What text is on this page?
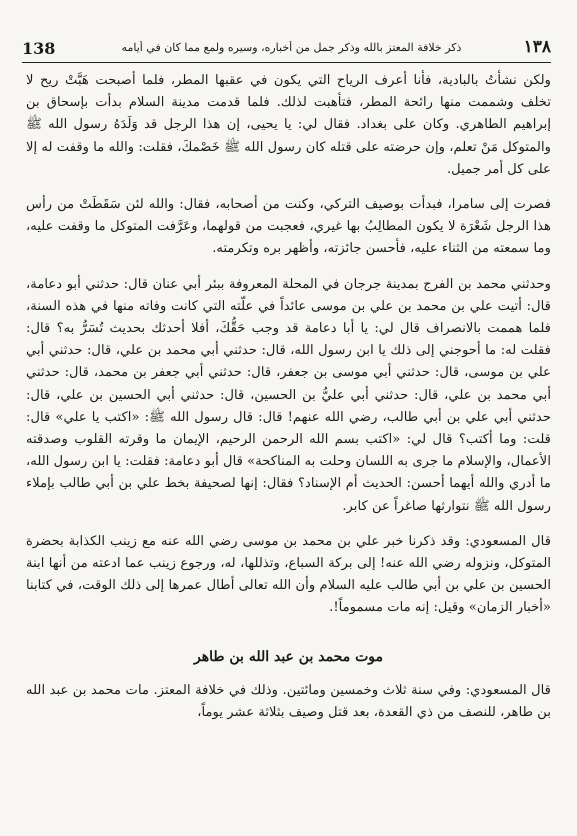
138	ذكر خلافة المعتز بالله وذكر جمل من أخباره، وسيره ولمع مما كان في أيامه	١٣٨

ولكن نشأتُ بالبادية، فأنا أعرف الرياح التي يكون في عقبها المطر، فلما أصبحت هَبَّتْ ريح لا تخلف وشممت منها رائحة المطر، فتأهبت لذلك. فلما قدمت مدينة السلام بدأت بإسحاق بن إبراهيم الطاهري. وكان على بغداد. فقال لي: يا يحيى، إن هذا الرجل قد وَلَدَهُ رسول الله ﷺ والمتوكل مَنْ تعلم، وإن حرضته على قتله كان رسول الله ﷺ خَصْمكَ، فقلت: والله ما وقفت له إلا على كل أمر جميل.

فصرت إلى سامرا، فبدأت بوصيف التركي، وكنت من أصحابه، فقال: والله لئن سَقَطَتْ من رأس هذا الرجل شَعْرَة لا يكون المطالِبُ بها غيري، فعجبت من قولهما، وعَرَّفت المتوكل ما وقفت عليه، وما سمعته من الثناء عليه، فأحسن جائزته، وأظهر بره وتكرمته.

وحدثني محمد بن الفرج بمدينة جرجان في المحلة المعروفة ببئر أبي عنان قال: حدثني أبو دعامة، قال: أتيت علي بن محمد بن علي بن موسى عائداً في علّته التي كانت وفاته منها في هذه السنة، فلما هممت بالانصراف قال لي: يا أبا دعامة قد وجب حَقُّكَ، أفلا أحدثك بحديث تُسَرُّ به؟ قال: فقلت له: ما أحوجني إلى ذلك يا ابن رسول الله، قال: حدثني أبي محمد بن علي، قال: حدثني أبي علي بن موسى، قال: حدثني أبي موسى بن جعفر، قال: حدثني أبي جعفر بن محمد، قال: حدثني أبي محمد بن علي، قال: حدثني أبي عليُّ بن الحسين، قال: حدثني أبي الحسين بن علي، قال: حدثني أبي علي بن أبي طالب، رضي الله عنهم! قال: قال رسول الله ﷺ: «اكتب يا علي» قال: قلت: وما أكتب؟ قال لي: «اكتب بسم الله الرحمن الرحيم، الإيمان ما وقرته القلوب وصدقته الأعمال، والإسلام ما جرى به اللسان وحلت به المناكحة» قال أبو دعامة: فقلت: يا ابن رسول الله، ما أدري والله أيهما أحسن: الحديث أم الإسناد؟ فقال: إنها لصحيفة بخط علي بن أبي طالب بإملاء رسول الله ﷺ نتوارثها صاغراً عن كابر.

قال المسعودي: وقد ذكرنا خبر علي بن محمد بن موسى رضي الله عنه مع زينب الكذابة بحضرة المتوكل، ونزوله رضي الله عنه! إلى بركة السباع، وتذللها، له، ورجوع زينب عما ادعته من أنها ابنة الحسين بن علي بن أبي طالب عليه السلام وأن الله تعالى أطال عمرها إلى ذلك الوقت، في كتابنا «أخبار الزمان» وقيل: إنه مات مسموماً!.

موت محمد بن عبد الله بن طاهر

قال المسعودي: وفي سنة ثلاث وخمسين ومائتين. وذلك في خلافة المعتز. مات محمد بن عبد الله بن طاهر، للنصف من ذي القعدة، بعد قتل وصيف بثلاثة عشر يوماً،
